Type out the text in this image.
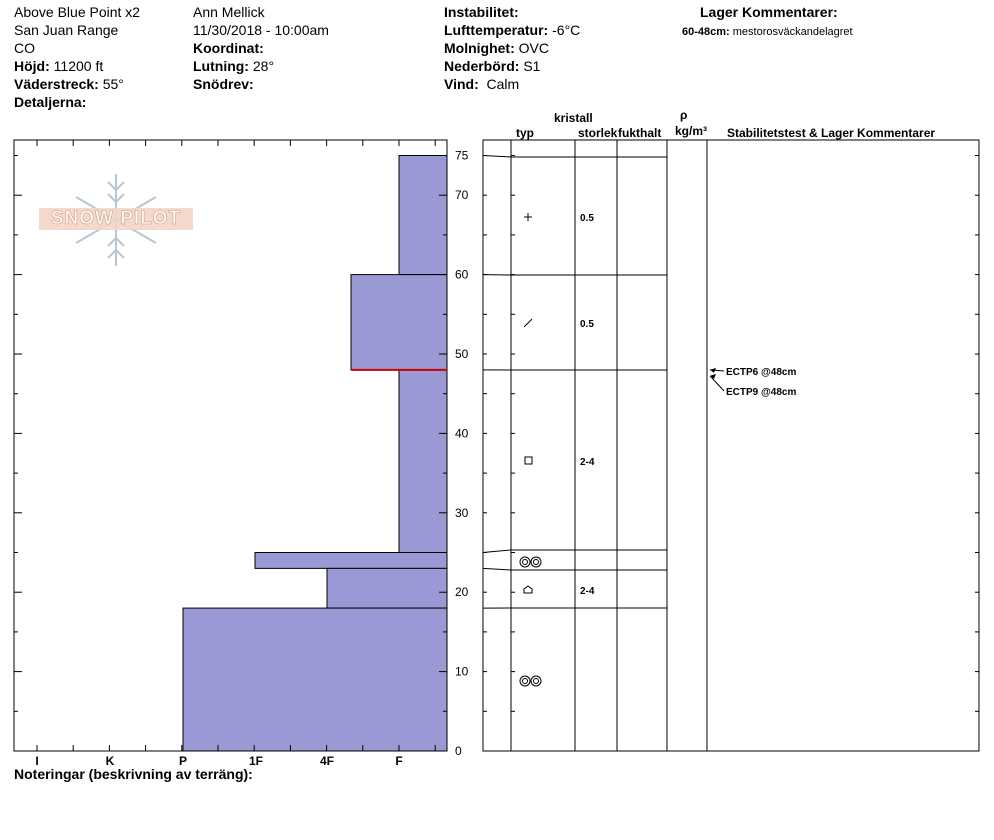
Above Blue Point x2
San Juan Range
CO
Höjd: 11200 ft
Väderstreck: 55°
Detaljerna:
Ann Mellick
11/30/2018 - 10:00am
Koordinat:
Lutning: 28°
Snödrev:
Instabilitet:
Lufttemperatur: -6°C
Molnighet: OVC
Nederbörd: S1
Vind: Calm
Lager Kommentarer:
60-48cm: mestorosväckandelagret
kristall
typ	storlek fukthalt
ρ
kg/m³ Stabilitetstest & Lager Kommentarer
SNOW PILOT
0
10
20
30
40
50
60
70
75
I	K	P	1F	4F	F
0.5
0.5
2-4
2-4
ECTP6 @48cm
ECTP9 @48cm
Noteringar (beskrivning av terräng):
